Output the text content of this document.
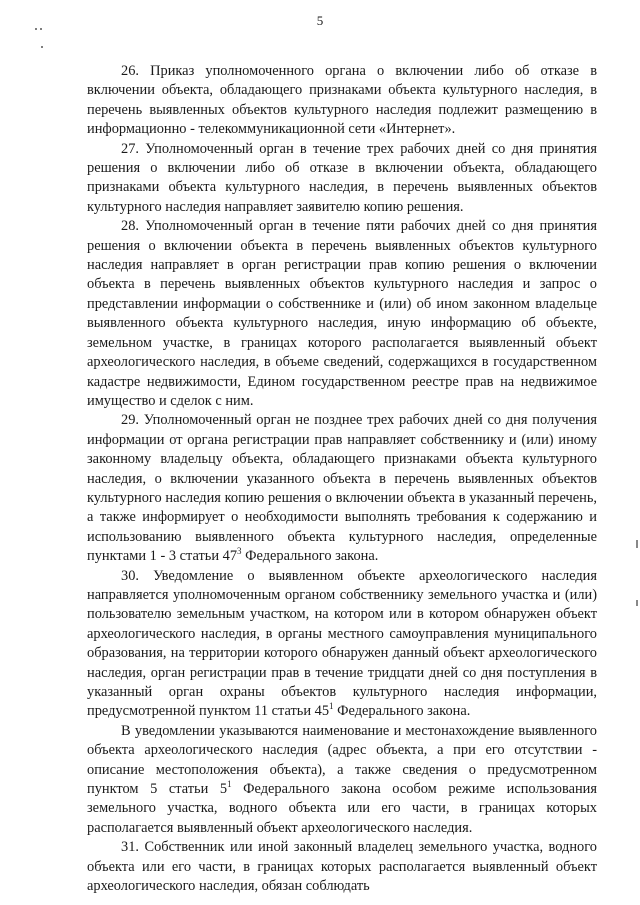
5

26. Приказ уполномоченного органа о включении либо об отказе в включении объекта, обладающего признаками объекта культурного наследия, в перечень выявленных объектов культурного наследия подлежит размещению в информационно - телекоммуникационной сети «Интернет».

27. Уполномоченный орган в течение трех рабочих дней со дня принятия решения о включении либо об отказе в включении объекта, обладающего признаками объекта культурного наследия, в перечень выявленных объектов культурного наследия направляет заявителю копию решения.

28. Уполномоченный орган в течение пяти рабочих дней со дня принятия решения о включении объекта в перечень выявленных объектов культурного наследия направляет в орган регистрации прав копию решения о включении объекта в перечень выявленных объектов культурного наследия и запрос о представлении информации о собственнике и (или) об ином законном владельце выявленного объекта культурного наследия, иную информацию об объекте, земельном участке, в границах которого располагается выявленный объект археологического наследия, в объеме сведений, содержащихся в государственном кадастре недвижимости, Едином государственном реестре прав на недвижимое имущество и сделок с ним.

29. Уполномоченный орган не позднее трех рабочих дней со дня получения информации от органа регистрации прав направляет собственнику и (или) иному законному владельцу объекта, обладающего признаками объекта культурного наследия, о включении указанного объекта в перечень выявленных объектов культурного наследия копию решения о включении объекта в указанный перечень, а также информирует о необходимости выполнять требования к содержанию и использованию выявленного объекта культурного наследия, определенные пунктами 1 - 3 статьи $47^3$ Федерального закона.

30. Уведомление о выявленном объекте археологического наследия направляется уполномоченным органом собственнику земельного участка и (или) пользователю земельным участком, на котором или в котором обнаружен объект археологического наследия, в органы местного самоуправления муниципального образования, на территории которого обнаружен данный объект археологического наследия, орган регистрации прав в течение тридцати дней со дня поступления в указанный орган охраны объектов культурного наследия информации, предусмотренной пунктом 11 статьи $45^1$ Федерального закона.

В уведомлении указываются наименование и местонахождение выявленного объекта археологического наследия (адрес объекта, а при его отсутствии - описание местоположения объекта), а также сведения о предусмотренном пунктом 5 статьи $5^1$ Федерального закона особом режиме использования земельного участка, водного объекта или его части, в границах которых располагается выявленный объект археологического наследия.

31. Собственник или иной законный владелец земельного участка, водного объекта или его части, в границах которых располагается выявленный объект археологического наследия, обязан соблюдать
